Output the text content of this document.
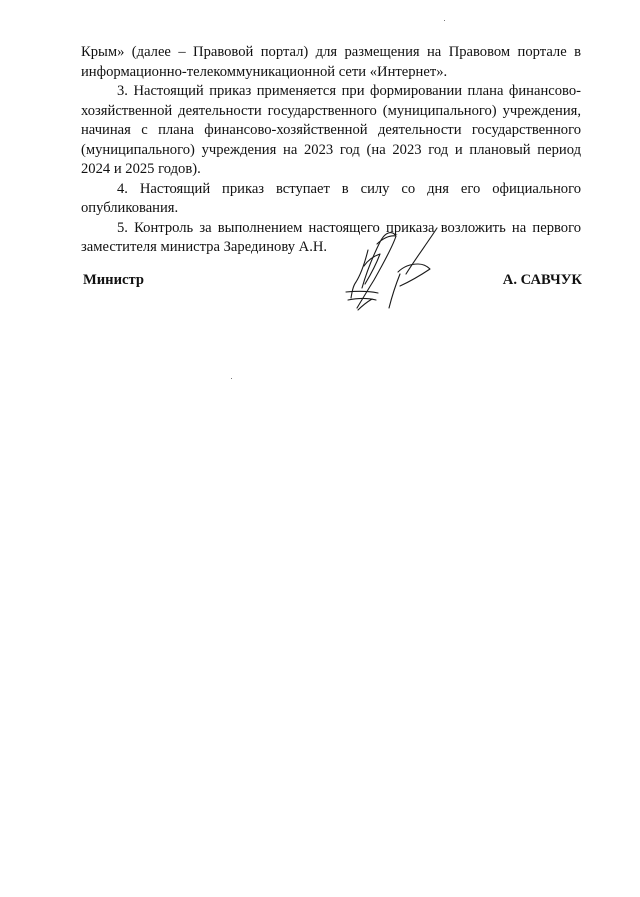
Крым» (далее – Правовой портал) для размещения на Правовом портале в информационно-телекоммуникационной сети «Интернет».

3. Настоящий приказ применяется при формировании плана финансово-хозяйственной деятельности государственного (муниципального) учреждения, начиная с плана финансово-хозяйственной деятельности государственного (муниципального) учреждения на 2023 год (на 2023 год и плановый период 2024 и 2025 годов).

4. Настоящий приказ вступает в силу со дня его официального опубликования.

5. Контроль за выполнением настоящего приказа возложить на первого заместителя министра Зарединову А.Н.

Министр	А. САВЧУК
